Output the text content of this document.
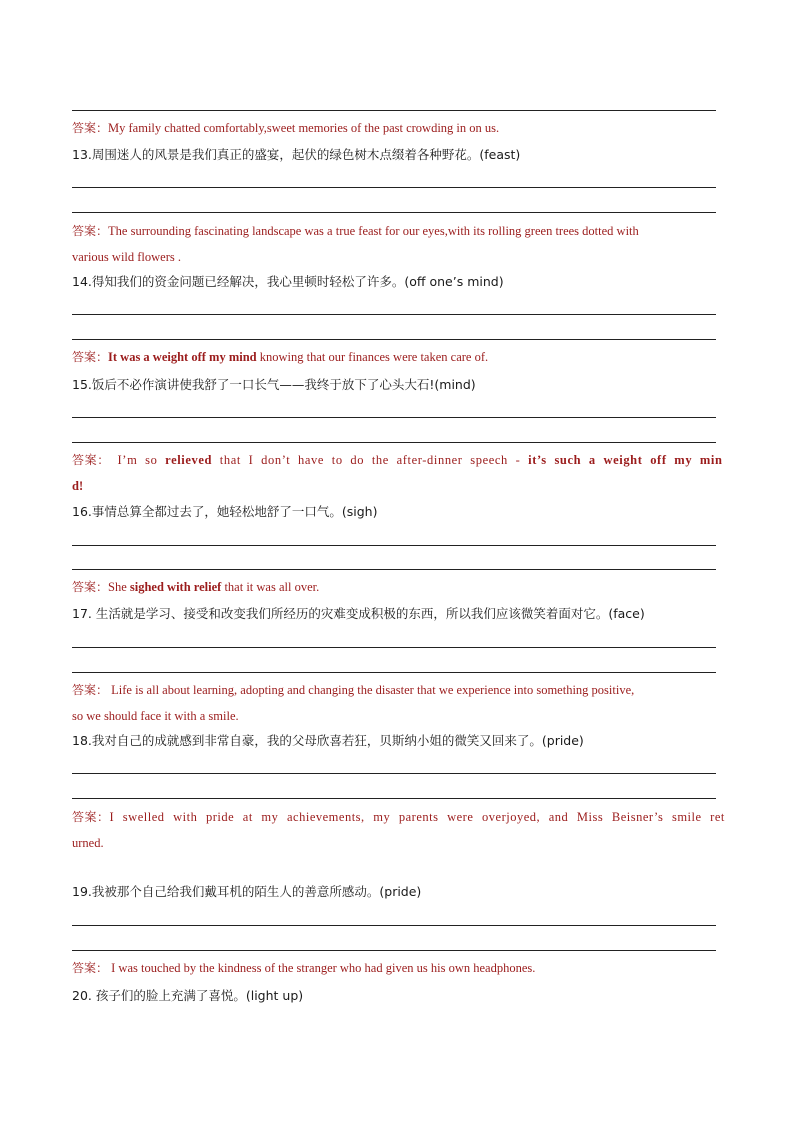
答案：My family chatted comfortably,sweet memories of the past crowding in on us.
13.周围迷人的风景是我们真正的盛宴，起伏的绿色树木点缀着各种野花。(feast)
答案：The surrounding fascinating landscape was a true feast for our eyes,with its rolling green trees dotted with
various wild flowers .
14.得知我们的资金问题已经解决，我心里顿时轻松了许多。(off one’s mind)
答案：It was a weight off my mind knowing that our finances were taken care of.
15.饭后不必作演讲使我舒了一口长气——我终于放下了心头大石!(mind)
答案： I’m so relieved that I don’t have to do the after-dinner speech - it’s such a weight off my min
d!
16.事情总算全都过去了，她轻松地舒了一口气。(sigh)
答案：She sighed with relief that it was all over.
17. 生活就是学习、接受和改变我们所经历的灾难变成积极的东西，所以我们应该微笑着面对它。(face)
答案： Life is all about learning, adopting and changing the disaster that we experience into something positive,
so we should face it with a smile.
18.我对自己的成就感到非常自豪，我的父母欣喜若狂，贝斯纳小姐的微笑又回来了。(pride)
答案：I swelled with pride at my achievements, my parents were overjoyed, and Miss Beisner’s smile ret
urned.
19.我被那个自己给我们戴耳机的陌生人的善意所感动。(pride)
答案： I was touched by the kindness of the stranger who had given us his own headphones.
20. 孩子们的脸上充满了喜悦。(light up)
